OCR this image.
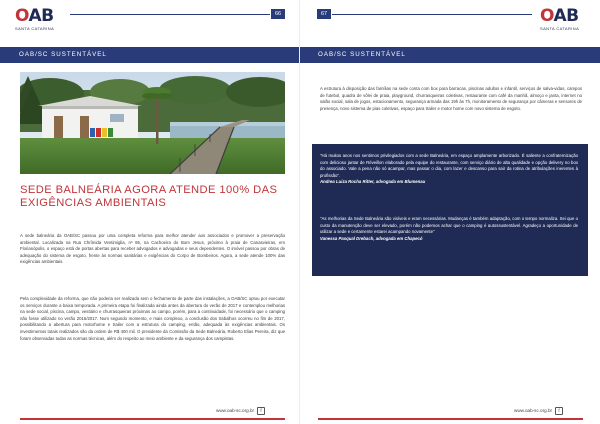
OAB
SANTA CATARINA
66
OAB/SC SUSTENTÁVEL
SEDE BALNEÁRIA AGORA ATENDE 100% DAS EXIGÊNCIAS AMBIENTAIS

A sede balneária da OAB/SC passou por uma completa reforma para melhor atender aos associados e promover a preservação ambiental. Localizada na Rua Chrônida Ventimiglia, nº 95, na Cachoeira do Bom Jesus, próximo à praia de Canasvieiras, em Florianópolis, o espaço está de portas abertas para receber advogados e advogadas e seus dependentes. O imóvel passou por obras de adequação do sistema de esgoto, frente às normas sanitárias e exigências do Corpo de Bombeiros. Agora, a sede atende 100% das exigências ambientais.

Pela complexidade da reforma, que não poderia ser realizada sem o fechamento de parte das instalações, a OAB/SC optou por executar os serviços durante a baixa temporada. A primeira etapa foi finalizada ainda antes da abertura do verão de 2017 e contemplou melhorias na sede social, piscina, campo, vestiário e churrasqueiras próximas ao campo, porém, para a continuidade, foi necessário que o camping não fosse utilizado no verão 2016/2017. Num segundo momento, e mais complexo, a conclusão dos trabalhos ocorreu no fim de 2017, possibilitando a abertura para motorhome e trailer com a estrutura do camping, então, adequada às exigências ambientais. Os investimentos totais realizados são da ordem de R$ 400 mil. O presidente da Comissão da Sede Balneária, Roberto Elias Pereira, diz que foram observadas todas as normas técnicas, além do respeito ao meio ambiente e da segurança dos campistas.

www.oab-sc.org.br f
67	OAB
SANTA CATARINA
OAB/SC SUSTENTÁVEL

A estrutura à disposição das famílias na sede conta com box para barracas, piscinas adultos e infantil, serviços de salva-vidas, campos de futebol, quadra de vôlei de praia, playground, churrasqueiras coletivas, restaurante com café da manhã, almoço e janta, internet no salão social, sala de jogos, estacionamento, segurança armada das 19h às 7h, monitoramento de segurança por câmeras e sensores de presença, novo sistema de pias coletivas, espaço para trailer e motor home com novo sistema de esgoto.

"Há muitos anos nos sentimos privilegiados com a sede Balneária, em espaço amplamente arborizado. É saliente a confraternização com delicioso jantar de Réveillon elaborado pela equipe do restaurante, com serviço diário de alta qualidade e opção delivery no box do associado. Vale a pena não só acampar, mas passar o dia, com lazer e descanso para sair da rotina de atribulações inerentes à profissão".
Andrea Luiza Rocha Ritter, advogada em Blumenau

"As melhorias da Sede Balneária são visíveis e eram necessárias. Mudanças é também adaptação, com o tempo normaliza. Sei que o custo da manutenção deve ser elevado, porém não podemos achar que o camping é autossustentável. Agradeço a oportunidade de utilizar a sede e certamente estarei acampando novamente"
Vanessa Pasqual Drebach, advogada em Chapecó

www.oab-sc.org.br f
